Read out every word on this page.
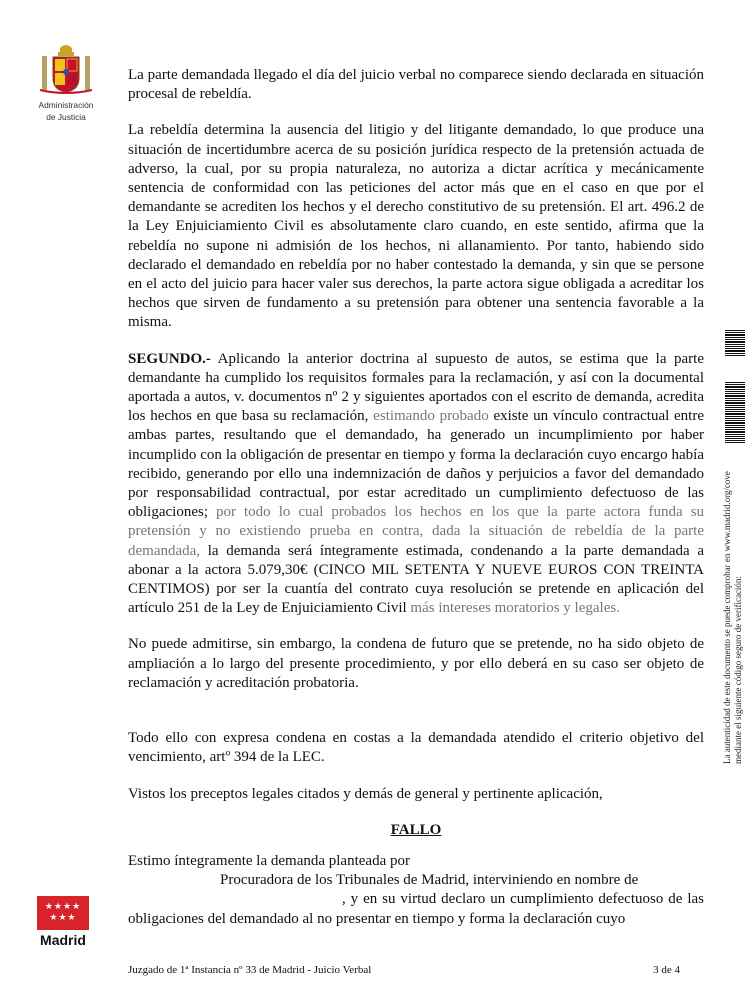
Administración
de Justicia

La parte demandada llegado el día del juicio verbal no comparece siendo declarada en situación procesal de rebeldía.

La rebeldía determina la ausencia del litigio y del litigante demandado, lo que produce una situación de incertidumbre acerca de su posición jurídica respecto de la pretensión actuada de adverso, la cual, por su propia naturaleza, no autoriza a dictar acrítica y mecánicamente sentencia de conformidad con las peticiones del actor más que en el caso en que por el demandante se acrediten los hechos y el derecho constitutivo de su pretensión. El art. 496.2 de la Ley Enjuiciamiento Civil es absolutamente claro cuando, en este sentido, afirma que la rebeldía no supone ni admisión de los hechos, ni allanamiento. Por tanto, habiendo sido declarado el demandado en rebeldía por no haber contestado la demanda, y sin que se persone en el acto del juicio para hacer valer sus derechos, la parte actora sigue obligada a acreditar los hechos que sirven de fundamento a su pretensión para obtener una sentencia favorable a la misma.

SEGUNDO.- Aplicando la anterior doctrina al supuesto de autos, se estima que la parte demandante ha cumplido los requisitos formales para la reclamación, y así con la documental aportada a autos, v. documentos nº 2 y siguientes aportados con el escrito de demanda, acredita los hechos en que basa su reclamación, estimando probado existe un vínculo contractual entre ambas partes, resultando que el demandado, ha generado un incumplimiento por haber incumplido con la obligación de presentar en tiempo y forma la declaración cuyo encargo había recibido, generando por ello una indemnización de daños y perjuicios a favor del demandado por responsabilidad contractual, por estar acreditado un cumplimiento defectuoso de las obligaciones; por todo lo cual probados los hechos en los que la parte actora funda su pretensión y no existiendo prueba en contra, dada la situación de rebeldía de la parte demandada, la demanda será íntegramente estimada, condenando a la parte demandada a abonar a la actora 5.079,30€ (CINCO MIL SETENTA Y NUEVE EUROS CON TREINTA CENTIMOS) por ser la cuantía del contrato cuya resolución se pretende en aplicación del artículo 251 de la Ley de Enjuiciamiento Civil más intereses moratorios y legales.

No puede admitirse, sin embargo, la condena de futuro que se pretende, no ha sido objeto de ampliación a lo largo del presente procedimiento, y por ello deberá en su caso ser objeto de reclamación y acreditación probatoria.

Todo ello con expresa condena en costas a la demandada atendido el criterio objetivo del vencimiento, artº 394 de la LEC.

Vistos los preceptos legales citados y demás de general y pertinente aplicación,

FALLO

Estimo íntegramente la demanda planteada por
Procuradora de los Tribunales de Madrid, interviniendo en nombre de
, y en su virtud declaro un cumplimiento defectuoso de las obligaciones del demandado al no presentar en tiempo y forma la declaración cuyo

La autenticidad de este documento se puede comprobar en www.madrid.org/cove mediante el siguiente código seguro de verificación:
★★★★
★★★
Madrid
Juzgado de 1ª Instancia nº 33 de Madrid - Juicio Verbal	3 de 4
